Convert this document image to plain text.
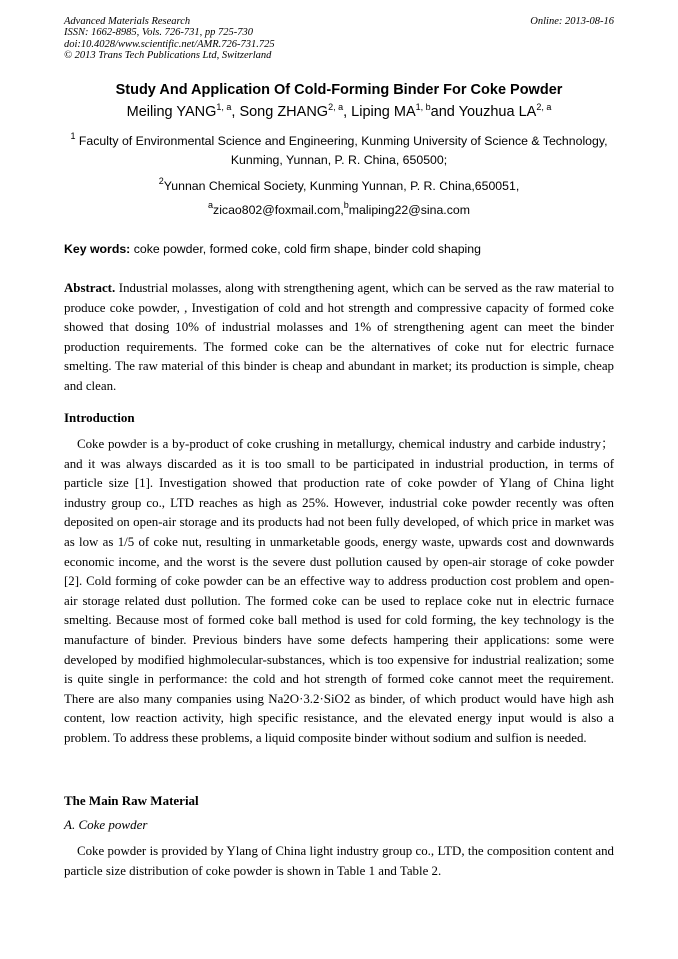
Advanced Materials Research
ISSN: 1662-8985, Vols. 726-731, pp 725-730
doi:10.4028/www.scientific.net/AMR.726-731.725
© 2013 Trans Tech Publications Ltd, Switzerland
Online: 2013-08-16
Study And Application Of Cold-Forming Binder For Coke Powder
Meiling YANG$^{1, a}$, Song ZHANG$^{2, a}$, Liping MA$^{1, b}$and Youzhua LA$^{2, a}$
$^1$ Faculty of Environmental Science and Engineering, Kunming University of Science & Technology, Kunming, Yunnan, P. R. China, 650500;
$^2$Yunnan Chemical Society, Kunming Yunnan, P. R. China,650051,
$^a$zicao802@foxmail.com,$^b$maliping22@sina.com
Key words: coke powder, formed coke, cold firm shape, binder cold shaping
Abstract. Industrial molasses, along with strengthening agent, which can be served as the raw material to produce coke powder, , Investigation of cold and hot strength and compressive capacity of formed coke showed that dosing 10% of industrial molasses and 1% of strengthening agent can meet the binder production requirements. The formed coke can be the alternatives of coke nut for electric furnace smelting. The raw material of this binder is cheap and abundant in market; its production is simple, cheap and clean.
Introduction
Coke powder is a by-product of coke crushing in metallurgy, chemical industry and carbide industry；and it was always discarded as it is too small to be participated in industrial production, in terms of particle size [1]. Investigation showed that production rate of coke powder of Ylang of China light industry group co., LTD reaches as high as 25%. However, industrial coke powder recently was often deposited on open-air storage and its products had not been fully developed, of which price in market was as low as 1/5 of coke nut, resulting in unmarketable goods, energy waste, upwards cost and downwards economic income, and the worst is the severe dust pollution caused by open-air storage of coke powder [2]. Cold forming of coke powder can be an effective way to address production cost problem and open-air storage related dust pollution. The formed coke can be used to replace coke nut in electric furnace smelting. Because most of formed coke ball method is used for cold forming, the key technology is the manufacture of binder. Previous binders have some defects hampering their applications: some were developed by modified highmolecular-substances, which is too expensive for industrial realization; some is quite single in performance: the cold and hot strength of formed coke cannot meet the requirement. There are also many companies using Na2O·3.2·SiO2 as binder, of which product would have high ash content, low reaction activity, high specific resistance, and the elevated energy input would is also a problem. To address these problems, a liquid composite binder without sodium and sulfion is needed.
The Main Raw Material
A. Coke powder
Coke powder is provided by Ylang of China light industry group co., LTD, the composition content and particle size distribution of coke powder is shown in Table 1 and Table 2.
